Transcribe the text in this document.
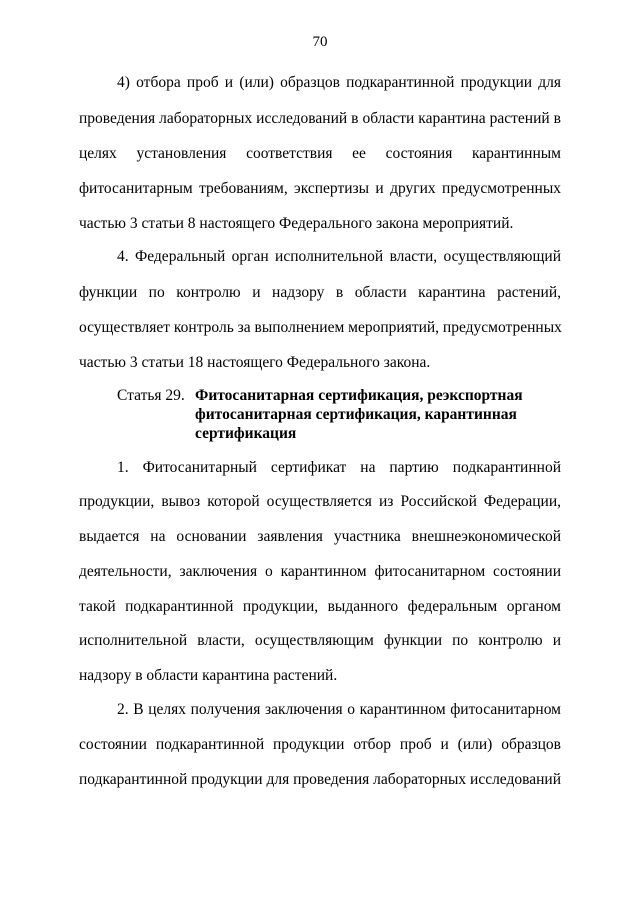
70
4) отбора проб и (или) образцов подкарантинной продукции для
проведения лабораторных исследований в области карантина растений в
целях установления соответствия ее состояния карантинным
фитосанитарным требованиям, экспертизы и других предусмотренных
частью 3 статьи 8 настоящего Федерального закона мероприятий.
4. Федеральный орган исполнительной власти, осуществляющий
функции по контролю и надзору в области карантина растений,
осуществляет контроль за выполнением мероприятий, предусмотренных
частью 3 статьи 18 настоящего Федерального закона.
Статья 29. Фитосанитарная сертификация, реэкспортная
фитосанитарная сертификация, карантинная
сертификация
1. Фитосанитарный сертификат на партию подкарантинной
продукции, вывоз которой осуществляется из Российской Федерации,
выдается на основании заявления участника внешнеэкономической
деятельности, заключения о карантинном фитосанитарном состоянии
такой подкарантинной продукции, выданного федеральным органом
исполнительной власти, осуществляющим функции по контролю и
надзору в области карантина растений.
2. В целях получения заключения о карантинном фитосанитарном
состоянии подкарантинной продукции отбор проб и (или) образцов
подкарантинной продукции для проведения лабораторных исследований
